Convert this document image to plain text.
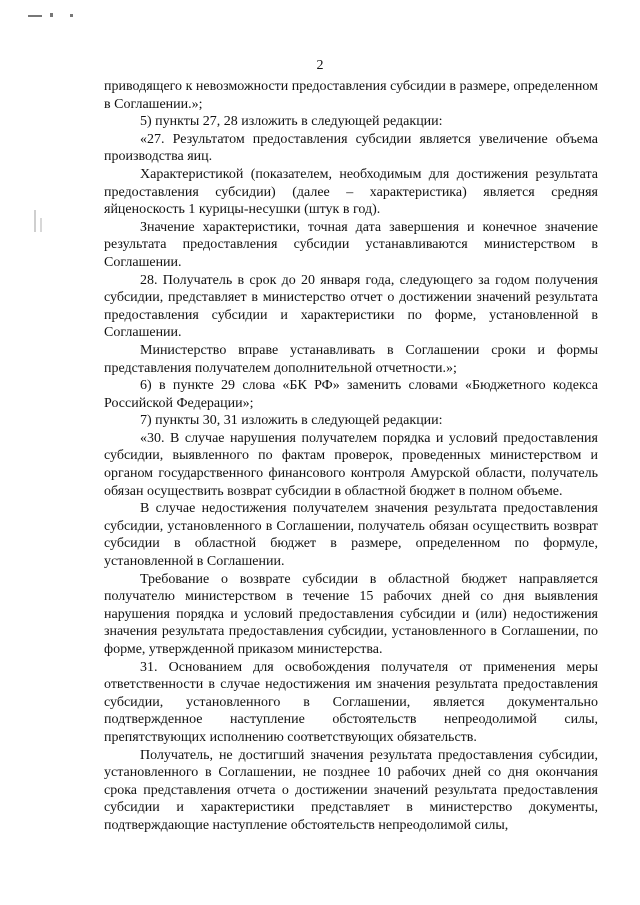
2

приводящего к невозможности предоставления субсидии в размере, определенном в Соглашении.»;

5) пункты 27, 28 изложить в следующей редакции:

«27. Результатом предоставления субсидии является увеличение объема производства яиц.

Характеристикой (показателем, необходимым для достижения результата предоставления субсидии) (далее – характеристика) является средняя яйценоскость 1 курицы-несушки (штук в год).

Значение характеристики, точная дата завершения и конечное значение результата предоставления субсидии устанавливаются министерством в Соглашении.

28. Получатель в срок до 20 января года, следующего за годом получения субсидии, представляет в министерство отчет о достижении значений результата предоставления субсидии и характеристики по форме, установленной в Соглашении.

Министерство вправе устанавливать в Соглашении сроки и формы представления получателем дополнительной отчетности.»;

6) в пункте 29 слова «БК РФ» заменить словами «Бюджетного кодекса Российской Федерации»;

7) пункты 30, 31 изложить в следующей редакции:

«30. В случае нарушения получателем порядка и условий предоставления субсидии, выявленного по фактам проверок, проведенных министерством и органом государственного финансового контроля Амурской области, получатель обязан осуществить возврат субсидии в областной бюджет в полном объеме.

В случае недостижения получателем значения результата предоставления субсидии, установленного в Соглашении, получатель обязан осуществить возврат субсидии в областной бюджет в размере, определенном по формуле, установленной в Соглашении.

Требование о возврате субсидии в областной бюджет направляется получателю министерством в течение 15 рабочих дней со дня выявления нарушения порядка и условий предоставления субсидии и (или) недостижения значения результата предоставления субсидии, установленного в Соглашении, по форме, утвержденной приказом министерства.

31. Основанием для освобождения получателя от применения меры ответственности в случае недостижения им значения результата предоставления субсидии, установленного в Соглашении, является документально подтвержденное наступление обстоятельств непреодолимой силы, препятствующих исполнению соответствующих обязательств.

Получатель, не достигший значения результата предоставления субсидии, установленного в Соглашении, не позднее 10 рабочих дней со дня окончания срока представления отчета о достижении значений результата предоставления субсидии и характеристики представляет в министерство документы, подтверждающие наступление обстоятельств непреодолимой силы,
